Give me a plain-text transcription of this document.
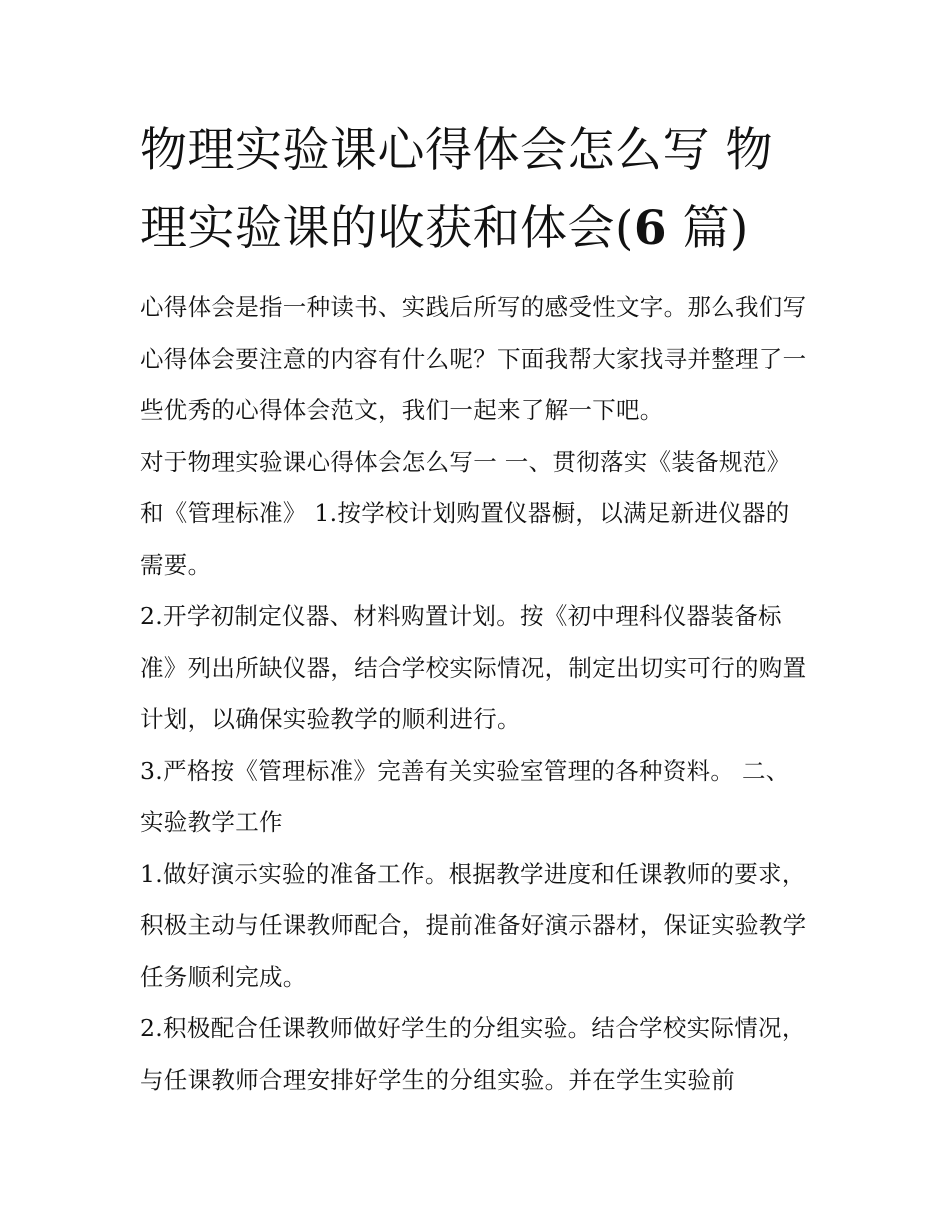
物理实验课心得体会怎么写 物
理实验课的收获和体会(6 篇)

心得体会是指一种读书、实践后所写的感受性文字。那么我们写心得体会要注意的内容有什么呢？下面我帮大家找寻并整理了一些优秀的心得体会范文，我们一起来了解一下吧。

对于物理实验课心得体会怎么写一 一、贯彻落实《装备规范》和《管理标准》 1.按学校计划购置仪器橱，以满足新进仪器的需要。

2.开学初制定仪器、材料购置计划。按《初中理科仪器装备标准》列出所缺仪器，结合学校实际情况，制定出切实可行的购置计划，以确保实验教学的顺利进行。

3.严格按《管理标准》完善有关实验室管理的各种资料。 二、实验教学工作

1.做好演示实验的准备工作。根据教学进度和任课教师的要求，积极主动与任课教师配合，提前准备好演示器材，保证实验教学任务顺利完成。

2.积极配合任课教师做好学生的分组实验。结合学校实际情况，与任课教师合理安排好学生的分组实验。并在学生实验前
